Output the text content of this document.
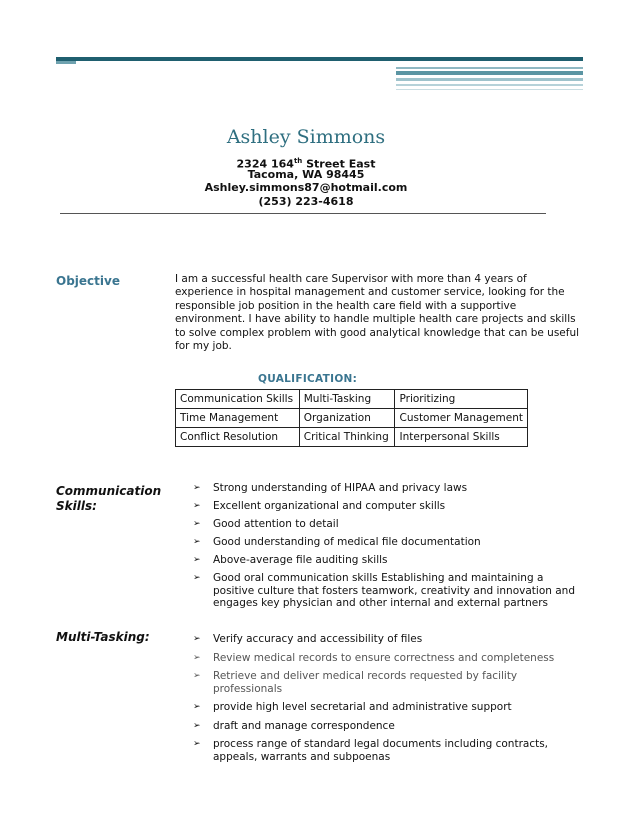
Ashley Simmons
2324 164th Street East
Tacoma, WA 98445
Ashley.simmons87@hotmail.com
(253) 223-4618
Objective	I am a successful health care Supervisor with more than 4 years of experience in hospital management and customer service, looking for the responsible job position in the health care field with a supportive environment. I have ability to handle multiple health care projects and skills to solve complex problem with good analytical knowledge that can be useful for my job.
QUALIFICATION:
Communication Skills	Multi-Tasking	Prioritizing
Time Management	Organization	Customer Management
Conflict Resolution	Critical Thinking	Interpersonal Skills
Communication
Skills:
➢ Strong understanding of HIPAA and privacy laws
➢ Excellent organizational and computer skills
➢ Good attention to detail
➢ Good understanding of medical file documentation
➢ Above-average file auditing skills
➢ Good oral communication skills Establishing and maintaining a positive culture that fosters teamwork, creativity and innovation and engages key physician and other internal and external partners
Multi-Tasking:	➢ Verify accuracy and accessibility of files
➢ Review medical records to ensure correctness and completeness
➢ Retrieve and deliver medical records requested by facility professionals
➢ provide high level secretarial and administrative support
➢ draft and manage correspondence
➢ process range of standard legal documents including contracts, appeals, warrants and subpoenas
